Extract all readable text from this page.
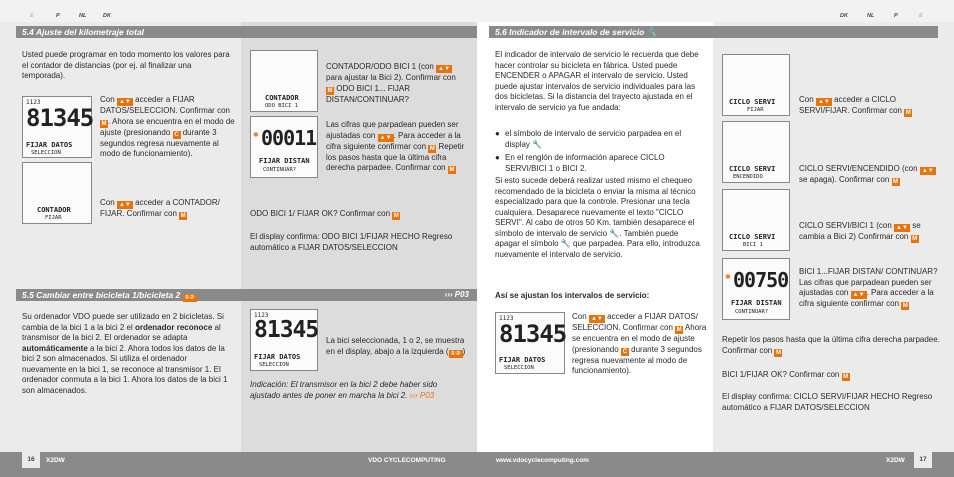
E	P	NL	DK	DK	NL	P	E
5.4 Ajuste del kilometraje total

Usted puede programar en todo momento los valores para el contador de distancias (por ej. al finalizar una temporada).

1123
81345
FIJAR DATOS
SELECCION

Con ▲▼ acceder a FIJAR DATOS/SELECCION. Confirmar con M . Ahora se encuentra en el modo de ajuste (presionando C durante 3 segundos regresa nuevamente al modo de funcionamiento).

CONTADOR
FIJAR

Con ▲▼ acceder a CONTADOR/ FIJAR. Confirmar con M

CONTADOR
ODO BICI 1

CONTADOR/ODO BICI 1 (con ▲▼ para ajustar la Bici 2). Confirmar con M ODO BICI 1... FIJAR DISTAN/CONTINUAR?

✱ 00011
FIJAR DISTAN
CONTINUAR?

Las cifras que parpadean pueden ser ajustadas con ▲▼ . Para acceder a la cifra siguiente confirmar con M Repetir los pasos hasta que la última cifra derecha parpadee. Confirmar con M

ODO BICI 1/ FIJAR OK? Confirmar con M

El display confirma: ODO BICI 1/FIJAR HECHO Regreso automático a FIJAR DATOS/SELECCION

5.5 Cambiar entre bicicleta 1/bicicleta 2 ①②	››› P03

Su ordenador VDO puede ser utilizado en 2 bicicletas. Si cambia de la bici 1 a la bici 2 el ordenador reconoce al transmisor de la bici 2. El ordenador se adapta automáticamente a la bici 2. Ahora todos los datos de la bici 2 son almacenados. Si utiliza el ordenador nuevamente en la bici 1, se reconoce al transmisor 1. El ordenador conmuta a la bici 1. Ahora los datos de la bici 1 son almacenados.

1123
81345
FIJAR DATOS
SELECCION

La bici seleccionada, 1 o 2, se muestra en el display, abajo a la izquierda ( ①② )

Indicación: El transmisor en la bici 2 debe haber sido ajustado antes de poner en marcha la bici 2. ››› P03

5.6 Indicador de intervalo de servicio 🔧

El indicador de intervalo de servicio le recuerda que debe hacer controlar su bicicleta en fábrica. Usted puede ENCENDER o APAGAR el intervalo de servicio. Usted puede ajustar intervalos de servicio individuales para las dos bicicletas. Si la distancia del trayecto ajustada en el intervalo de servicio ya fue andada:

● el símbolo de intervalo de servicio parpadea en el display 🔧

● En el renglón de información aparece CICLO SERVI/BICI 1 o BICI 2.

Si esto sucede deberá realizar usted mismo el chequeo recomendado de la bicicleta o enviar la misma al técnico especializado para que la controle. Presionar una tecla cualquiera. Desaparece nuevamente el texto "CICLO SERVI". Al cabo de otros 50 Km. también desaparece el símbolo de intervalo de servicio 🔧. También puede apagar el símbolo 🔧 que parpadea. Para ello, introduzca nuevamente el intervalo de servicio.

Así se ajustan los intervalos de servicio:

1123
81345
FIJAR DATOS
SELECCION

Con ▲▼ acceder a FIJAR DATOS/ SELECCION. Confirmar con M Ahora se encuentra en el modo de ajuste (presionando C durante 3 segundos regresa nuevamente al modo de funcionamiento).

CICLO SERVI
FIJAR

Con ▲▼ acceder a CICLO SERVI/FIJAR. Confirmar con M

CICLO SERVI
ENCENDIDO

CICLO SERVI/ENCENDIDO (con ▲▼ se apaga). Confirmar con M

CICLO SERVI
BICI 1

CICLO SERVI/BICI 1 (con ▲▼ se cambia a Bici 2) Confirmar con M

✱ 00750
FIJAR DISTAN
CONTINUAR?

BICI 1...FIJAR DISTAN/ CONTINUAR? Las cifras que parpadean pueden ser ajustadas con ▲▼ . Para acceder a la cifra siguiente confirmar con M

Repetir los pasos hasta que la última cifra derecha parpadee. Confirmar con M

BICI 1/FIJAR OK? Confirmar con M

El display confirma: CICLO SERVI/FIJAR HECHO Regreso automático a FIJAR DATOS/SELECCION

16	X2DW	VDO CYCLECOMPUTING	www.vdocyclecomputing.com	X2DW	17
